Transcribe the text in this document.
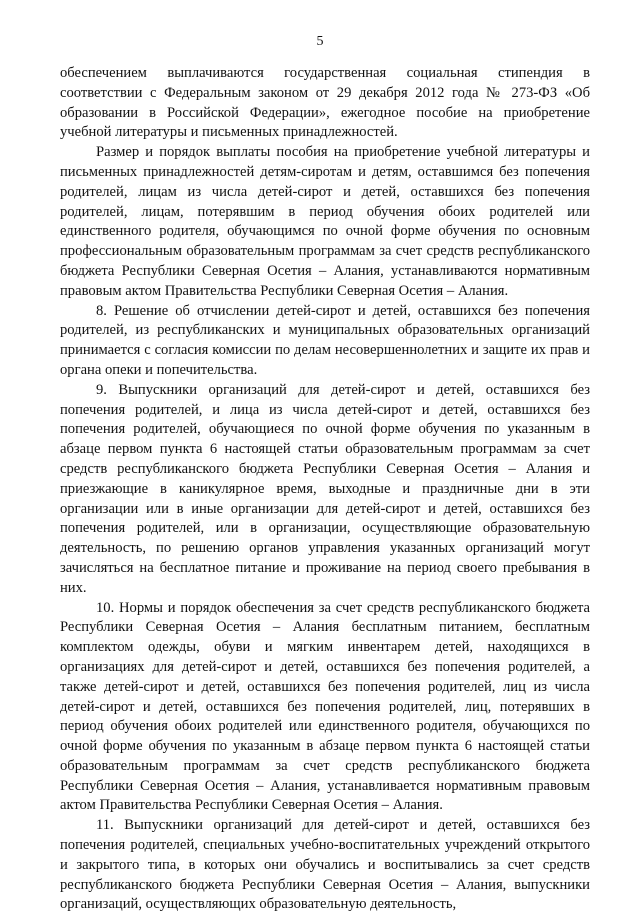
5

обеспечением выплачиваются государственная социальная стипендия в соответствии с Федеральным законом от 29 декабря 2012 года № 273-ФЗ «Об образовании в Российской Федерации», ежегодное пособие на приобретение учебной литературы и письменных принадлежностей.

Размер и порядок выплаты пособия на приобретение учебной литературы и письменных принадлежностей детям-сиротам и детям, оставшимся без попечения родителей, лицам из числа детей-сирот и детей, оставшихся без попечения родителей, лицам, потерявшим в период обучения обоих родителей или единственного родителя, обучающимся по очной форме обучения по основным профессиональным образовательным программам за счет средств республиканского бюджета Республики Северная Осетия – Алания, устанавливаются нормативным правовым актом Правительства Республики Северная Осетия – Алания.

8. Решение об отчислении детей-сирот и детей, оставшихся без попечения родителей, из республиканских и муниципальных образовательных организаций принимается с согласия комиссии по делам несовершеннолетних и защите их прав и органа опеки и попечительства.

9. Выпускники организаций для детей-сирот и детей, оставшихся без попечения родителей, и лица из числа детей-сирот и детей, оставшихся без попечения родителей, обучающиеся по очной форме обучения по указанным в абзаце первом пункта 6 настоящей статьи образовательным программам за счет средств республиканского бюджета Республики Северная Осетия – Алания и приезжающие в каникулярное время, выходные и праздничные дни в эти организации или в иные организации для детей-сирот и детей, оставшихся без попечения родителей, или в организации, осуществляющие образовательную деятельность, по решению органов управления указанных организаций могут зачисляться на бесплатное питание и проживание на период своего пребывания в них.

10. Нормы и порядок обеспечения за счет средств республиканского бюджета Республики Северная Осетия – Алания бесплатным питанием, бесплатным комплектом одежды, обуви и мягким инвентарем детей, находящихся в организациях для детей-сирот и детей, оставшихся без попечения родителей, а также детей-сирот и детей, оставшихся без попечения родителей, лиц из числа детей-сирот и детей, оставшихся без попечения родителей, лиц, потерявших в период обучения обоих родителей или единственного родителя, обучающихся по очной форме обучения по указанным в абзаце первом пункта 6 настоящей статьи образовательным программам за счет средств республиканского бюджета Республики Северная Осетия – Алания, устанавливается нормативным правовым актом Правительства Республики Северная Осетия – Алания.

11. Выпускники организаций для детей-сирот и детей, оставшихся без попечения родителей, специальных учебно-воспитательных учреждений открытого и закрытого типа, в которых они обучались и воспитывались за счет средств республиканского бюджета Республики Северная Осетия – Алания, выпускники организаций, осуществляющих образовательную деятельность,
